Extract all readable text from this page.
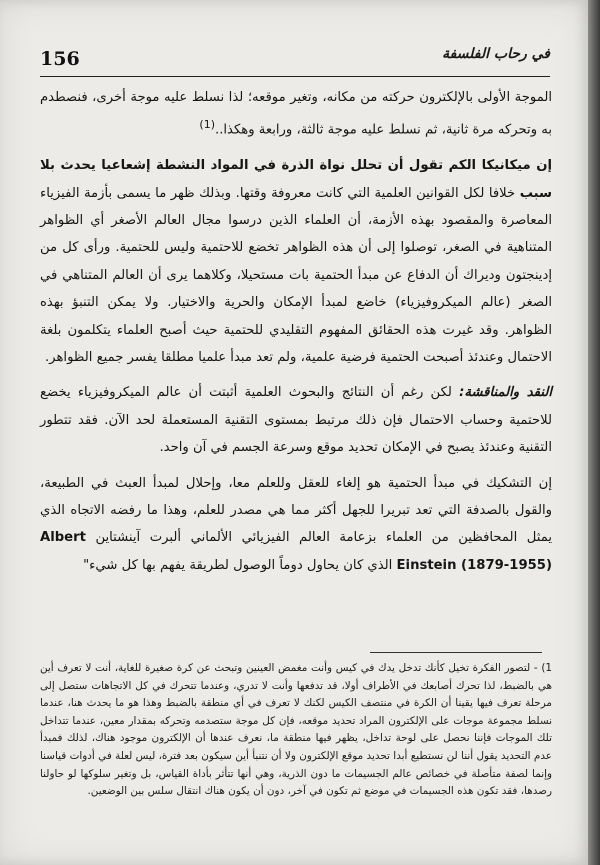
156	في رحاب الفلسفة

الموجة الأولى بالإلكترون حركته من مكانه، وتغير موقعه؛ لذا نسلط عليه موجة أخرى، فنصطدم به وتحركه مرة ثانية، ثم نسلط عليه موجة ثالثة، ورابعة وهكذا..$^{(1)}$

إن ميكانيكا الكم تقول أن تحلل نواة الذرة في المواد النشطة إشعاعيا يحدث بلا سبب خلافا لكل القوانين العلمية التي كانت معروفة وقتها. وبذلك ظهر ما يسمى بأزمة الفيزياء المعاصرة والمقصود بهذه الأزمة، أن العلماء الذين درسوا مجال العالم الأصغر أي الظواهر المتناهية في الصغر، توصلوا إلى أن هذه الظواهر تخضع للاحتمية وليس للحتمية. ورأى كل من إدينجتون وديراك أن الدفاع عن مبدأ الحتمية بات مستحيلا، وكلاهما يرى أن العالم المتناهي في الصغر (عالم الميكروفيزياء) خاضع لمبدأ الإمكان والحرية والاختيار. ولا يمكن التنبؤ بهذه الظواهر. وقد غيرت هذه الحقائق المفهوم التقليدي للحتمية حيث أصبح العلماء يتكلمون بلغة الاحتمال وعندئذ أصبحت الحتمية فرضية علمية، ولم تعد مبدأ علميا مطلقا يفسر جميع الظواهر.

النقد والمناقشة: لكن رغم أن النتائج والبحوث العلمية أثبتت أن عالم الميكروفيزياء يخضع للاحتمية وحساب الاحتمال فإن ذلك مرتبط بمستوى التقنية المستعملة لحد الآن. فقد تتطور التقنية وعندئذ يصبح في الإمكان تحديد موقع وسرعة الجسم في آن واحد.

إن التشكيك في مبدأ الحتمية هو إلغاء للعقل وللعلم معا، وإحلال لمبدأ العبث في الطبيعة، والقول بالصدفة التي تعد تبريرا للجهل أكثر مما هي مصدر للعلم، وهذا ما رفضه الاتجاه الذي يمثل المحافظين من العلماء بزعامة العالم الفيزيائي الألماني ألبرت آينشتاين Albert Einstein (1879-1955) الذي كان يحاول دوماً الوصول لطريقة يفهم بها كل شيء"

1) - لتصور الفكرة تخيل كأنك تدخل يدك في كيس وأنت مغمض العينين وتبحث عن كرة صغيرة للغاية، أنت لا تعرف أين هي بالضبط، لذا تحرك أصابعك في الأطراف أولا، قد تدفعها وأنت لا تدري، وعندما تتحرك في كل الاتجاهات ستصل إلى مرحلة تعرف فيها يقينا أن الكرة في منتصف الكيس لكنك لا تعرف في أي منطقة بالضبط وهذا هو ما يحدث هنا، عندما نسلط مجموعة موجات على الإلكترون المراد تحديد موقعه، فإن كل موجة ستصدمه وتحركه بمقدار معين، عندما تتداخل تلك الموجات فإننا نحصل على لوحة تداخل، يظهر فيها منطقة ما، نعرف عندها أن الإلكترون موجود هناك، لذلك فمبدأ عدم التحديد يقول أننا لن نستطيع أبدا تحديد موقع الإلكترون ولا أن نتنبأ أين سيكون بعد فترة، ليس لعلة في أدوات قياسنا وإنما لصفة متأصلة في خصائص عالم الجسيمات ما دون الذرية، وهي أنها تتأثر بأداة القياس، بل وتغير سلوكها لو حاولنا رصدها، فقد تكون هذه الجسيمات في موضع ثم تكون في آخر، دون أن يكون هناك انتقال سلس بين الوضعين.
